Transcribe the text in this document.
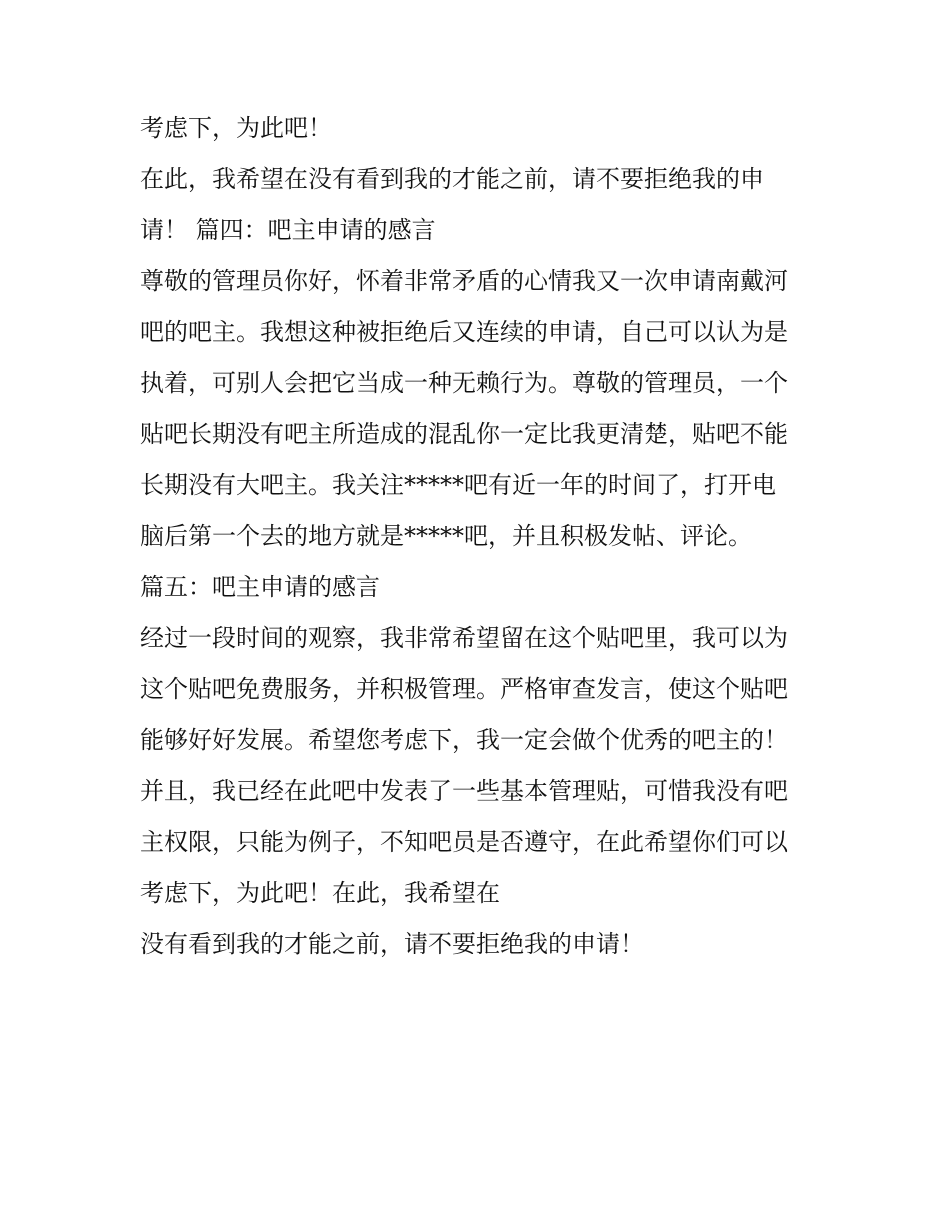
考虑下，为此吧！
在此，我希望在没有看到我的才能之前，请不要拒绝我的申
请！ 篇四：吧主申请的感言
尊敬的管理员你好，怀着非常矛盾的心情我又一次申请南戴河
吧的吧主。我想这种被拒绝后又连续的申请，自己可以认为是
执着，可别人会把它当成一种无赖行为。尊敬的管理员，一个
贴吧长期没有吧主所造成的混乱你一定比我更清楚，贴吧不能
长期没有大吧主。我关注*****吧有近一年的时间了，打开电
脑后第一个去的地方就是*****吧，并且积极发帖、评论。
篇五：吧主申请的感言
经过一段时间的观察，我非常希望留在这个贴吧里，我可以为
这个贴吧免费服务，并积极管理。严格审查发言，使这个贴吧
能够好好发展。希望您考虑下，我一定会做个优秀的吧主的！
并且，我已经在此吧中发表了一些基本管理贴，可惜我没有吧
主权限，只能为例子，不知吧员是否遵守，在此希望你们可以
考虑下，为此吧！在此，我希望在
没有看到我的才能之前，请不要拒绝我的申请！
